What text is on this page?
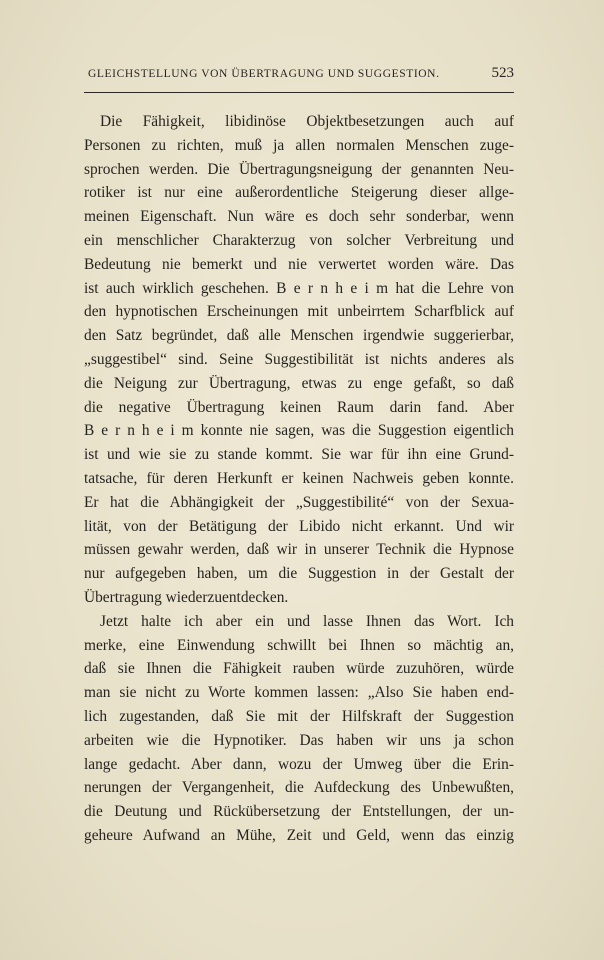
GLEICHSTELLUNG VON ÜBERTRAGUNG UND SUGGESTION.	523
Die Fähigkeit, libidinöse Objektbesetzungen auch auf
Personen zu richten, muß ja allen normalen Menschen zuge-
sprochen werden. Die Übertragungsneigung der genannten Neu-
rotiker ist nur eine außerordentliche Steigerung dieser allge-
meinen Eigenschaft. Nun wäre es doch sehr sonderbar, wenn
ein menschlicher Charakterzug von solcher Verbreitung und
Bedeutung nie bemerkt und nie verwertet worden wäre. Das
ist auch wirklich geschehen. B e r n h e i m hat die Lehre von
den hypnotischen Erscheinungen mit unbeirrtem Scharfblick auf
den Satz begründet, daß alle Menschen irgendwie suggerierbar,
„suggestibel“ sind. Seine Suggestibilität ist nichts anderes als
die Neigung zur Übertragung, etwas zu enge gefaßt, so daß
die negative Übertragung keinen Raum darin fand. Aber
B e r n h e i m konnte nie sagen, was die Suggestion eigentlich
ist und wie sie zu stande kommt. Sie war für ihn eine Grund-
tatsache, für deren Herkunft er keinen Nachweis geben konnte.
Er hat die Abhängigkeit der „Suggestibilité“ von der Sexua-
lität, von der Betätigung der Libido nicht erkannt. Und wir
müssen gewahr werden, daß wir in unserer Technik die Hypnose
nur aufgegeben haben, um die Suggestion in der Gestalt der
Übertragung wiederzuentdecken.
Jetzt halte ich aber ein und lasse Ihnen das Wort. Ich
merke, eine Einwendung schwillt bei Ihnen so mächtig an,
daß sie Ihnen die Fähigkeit rauben würde zuzuhören, würde
man sie nicht zu Worte kommen lassen: „Also Sie haben end-
lich zugestanden, daß Sie mit der Hilfskraft der Suggestion
arbeiten wie die Hypnotiker. Das haben wir uns ja schon
lange gedacht. Aber dann, wozu der Umweg über die Erin-
nerungen der Vergangenheit, die Aufdeckung des Unbewußten,
die Deutung und Rückübersetzung der Entstellungen, der un-
geheure Aufwand an Mühe, Zeit und Geld, wenn das einzig
